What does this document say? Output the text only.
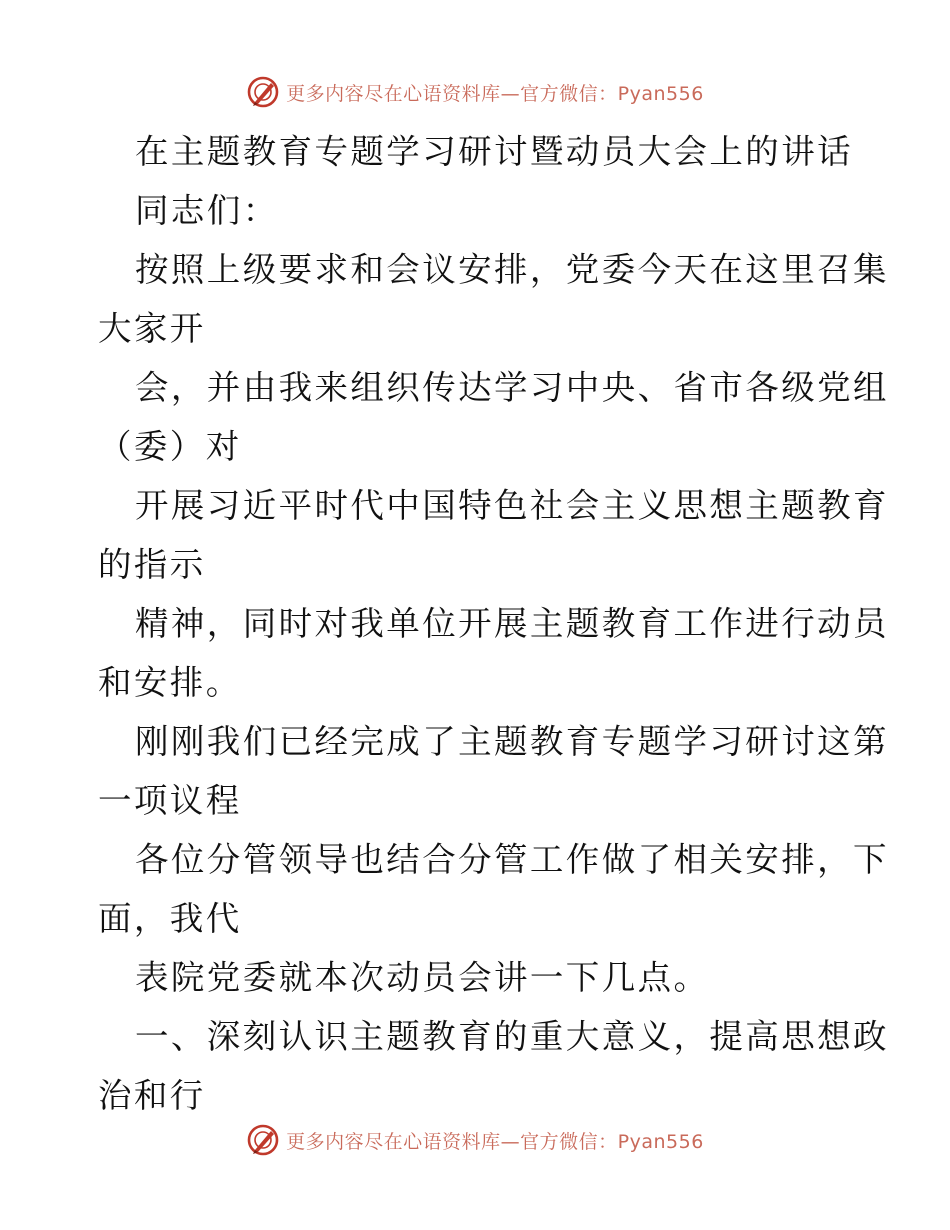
更多内容尽在心语资料库—官方微信：Pyan556
在主题教育专题学习研讨暨动员大会上的讲话
同志们：
按照上级要求和会议安排，党委今天在这里召集
大家开
会，并由我来组织传达学习中央、省市各级党组
（委）对
开展习近平时代中国特色社会主义思想主题教育
的指示
精神，同时对我单位开展主题教育工作进行动员
和安排。
刚刚我们已经完成了主题教育专题学习研讨这第
一项议程
各位分管领导也结合分管工作做了相关安排，下
面，我代
表院党委就本次动员会讲一下几点。
一、深刻认识主题教育的重大意义，提高思想政
治和行
更多内容尽在心语资料库—官方微信：Pyan556
